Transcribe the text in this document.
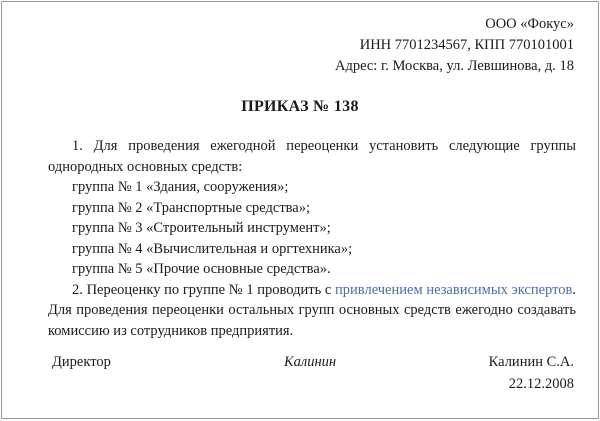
ООО «Фокус»
ИНН 7701234567, КПП 770101001
Адрес: г. Москва, ул. Левшинова, д. 18
ПРИКАЗ № 138
1. Для проведения ежегодной переоценки установить следующие группы однородных основных средств:
группа № 1 «Здания, сооружения»;
группа № 2 «Транспортные средства»;
группа № 3 «Строительный инструмент»;
группа № 4 «Вычислительная и оргтехника»;
группа № 5 «Прочие основные средства».
2. Переоценку по группе № 1 проводить с привлечением независимых экспертов. Для проведения переоценки остальных групп основных средств ежегодно создавать комиссию из сотрудников предприятия.
Директор	Калинин	Калинин С.А.
22.12.2008
